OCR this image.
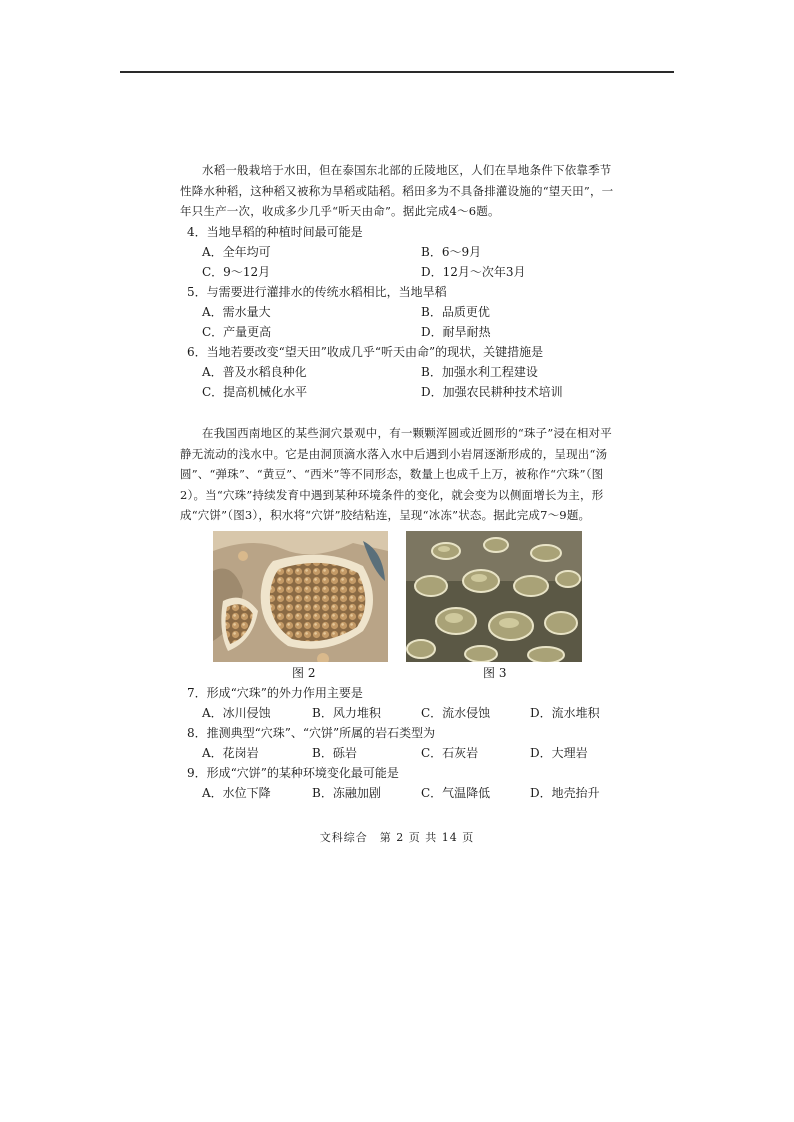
水稻一般栽培于水田，但在泰国东北部的丘陵地区，人们在旱地条件下依靠季节性降水种稻，这种稻又被称为旱稻或陆稻。稻田多为不具备排灌设施的“望天田”，一年只生产一次，收成多少几乎“听天由命”。据此完成4～6题。

4．当地旱稻的种植时间最可能是
A．全年均可	B．6～9月
C．9～12月	D．12月～次年3月
5．与需要进行灌排水的传统水稻相比，当地旱稻
A．需水量大	B．品质更优
C．产量更高	D．耐旱耐热
6．当地若要改变“望天田”收成几乎“听天由命”的现状，关键措施是
A．普及水稻良种化	B．加强水利工程建设
C．提高机械化水平	D．加强农民耕种技术培训

在我国西南地区的某些洞穴景观中，有一颗颗浑圆或近圆形的“珠子”浸在相对平静无流动的浅水中。它是由洞顶滴水落入水中后遇到小岩屑逐渐形成的，呈现出“汤圆”、“弹珠”、“黄豆”、“西米”等不同形态，数量上也成千上万，被称作“穴珠”（图2）。当“穴珠”持续发育中遇到某种环境条件的变化，就会变为以侧面增长为主，形成“穴饼”（图3），积水将“穴饼”胶结粘连，呈现“冰冻”状态。据此完成7～9题。

图 2	图 3
7．形成“穴珠”的外力作用主要是
A．冰川侵蚀	B．风力堆积	C．流水侵蚀	D．流水堆积
8．推测典型“穴珠”、“穴饼”所属的岩石类型为
A．花岗岩	B．砾岩	C．石灰岩	D．大理岩
9．形成“穴饼”的某种环境变化最可能是
A．水位下降	B．冻融加剧	C．气温降低	D．地壳抬升
文科综合　第 2 页 共 14 页
